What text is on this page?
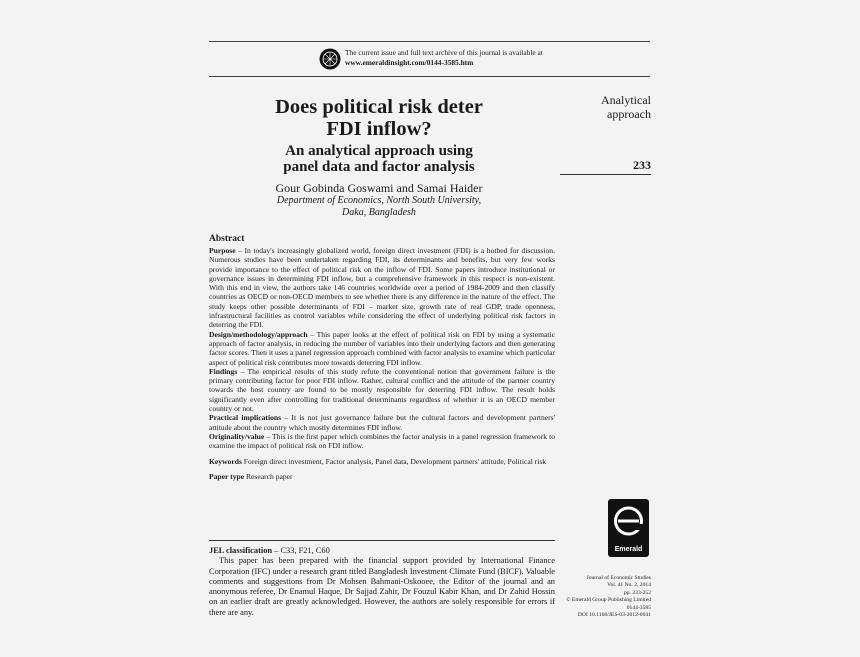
The current issue and full text archive of this journal is available at
www.emeraldinsight.com/0144-3585.htm
Does political risk deter
FDI inflow?
An analytical approach using
panel data and factor analysis
Gour Gobinda Goswami and Samai Haider
Department of Economics, North South University,
Daka, Bangladesh
Analytical
approach
233
Abstract

Purpose – In today's increasingly globalized world, foreign direct investment (FDI) is a hotbed for discussion. Numerous studies have been undertaken regarding FDI, its determinants and benefits, but very few works provide importance to the effect of political risk on the inflow of FDI. Some papers introduce institutional or governance issues in determining FDI inflow, but a comprehensive framework in this respect is non-existent. With this end in view, the authors take 146 countries worldwide over a period of 1984-2009 and then classify countries as OECD or non-OECD members to see whether there is any difference in the nature of the effect. The study keeps other possible determinants of FDI – market size, growth rate of real GDP, trade openness, infrastructural facilities as control variables while considering the effect of underlying political risk factors in deterring the FDI.

Design/methodology/approach – This paper looks at the effect of political risk on FDI by using a systematic approach of factor analysis, in reducing the number of variables into their underlying factors and then generating factor scores. Then it uses a panel regression approach combined with factor analysis to examine which particular aspect of political risk contributes more towards deterring FDI inflow.

Findings – The empirical results of this study refute the conventional notion that government failure is the primary contributing factor for poor FDI inflow. Rather, cultural conflict and the attitude of the partner country towards the host country are found to be mostly responsible for deterring FDI inflow. The result holds significantly even after controlling for traditional determinants regardless of whether it is an OECD member country or not.

Practical implications – It is not just governance failure but the cultural factors and development partners' attitude about the country which mostly determines FDI inflow.

Originality/value – This is the first paper which combines the factor analysis in a panel regression framework to examine the impact of political risk on FDI inflow.

Keywords Foreign direct investment, Factor analysis, Panel data, Development partners' attitude, Political risk

Paper type Research paper

JEL classification – C33, F21, C60

This paper has been prepared with the financial support provided by International Finance Corporation (IFC) under a research grant titled Bangladesh Investment Climate Fund (BICF). Valuable comments and suggestions from Dr Mohsen Bahmani-Oskooee, the Editor of the journal and an anonymous referee, Dr Enamul Haque, Dr Sajjad Zahir, Dr Fouzul Kabir Khan, and Dr Zahid Hossin on an earlier draft are greatly acknowledged. However, the authors are solely responsible for errors if there are any.

Emerald
Journal of Economic Studies
Vol. 41 No. 2, 2014
pp. 233-252
© Emerald Group Publishing Limited
0144-3585
DOI 10.1108/JES-03-2012-0041
